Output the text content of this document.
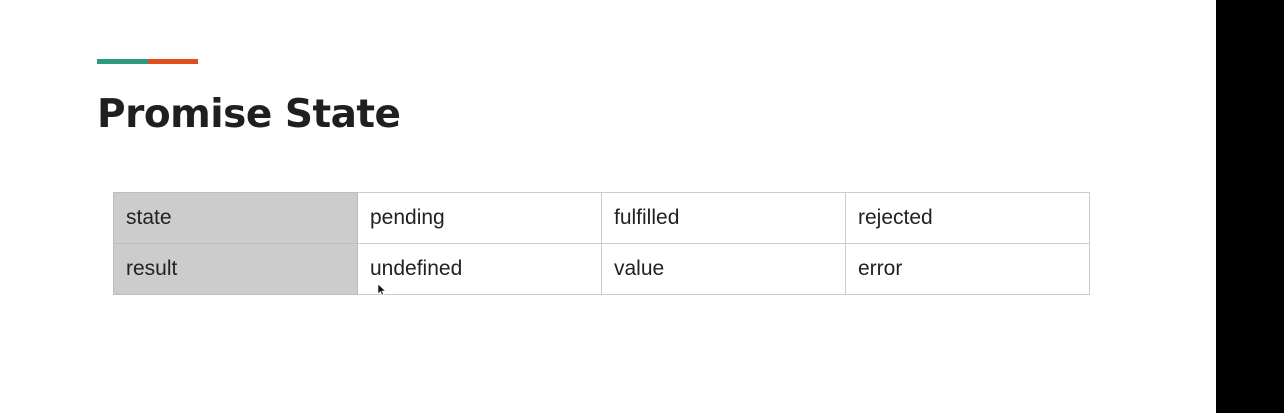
Promise State
state	pending	fulfilled	rejected
result	undefined	value	error
